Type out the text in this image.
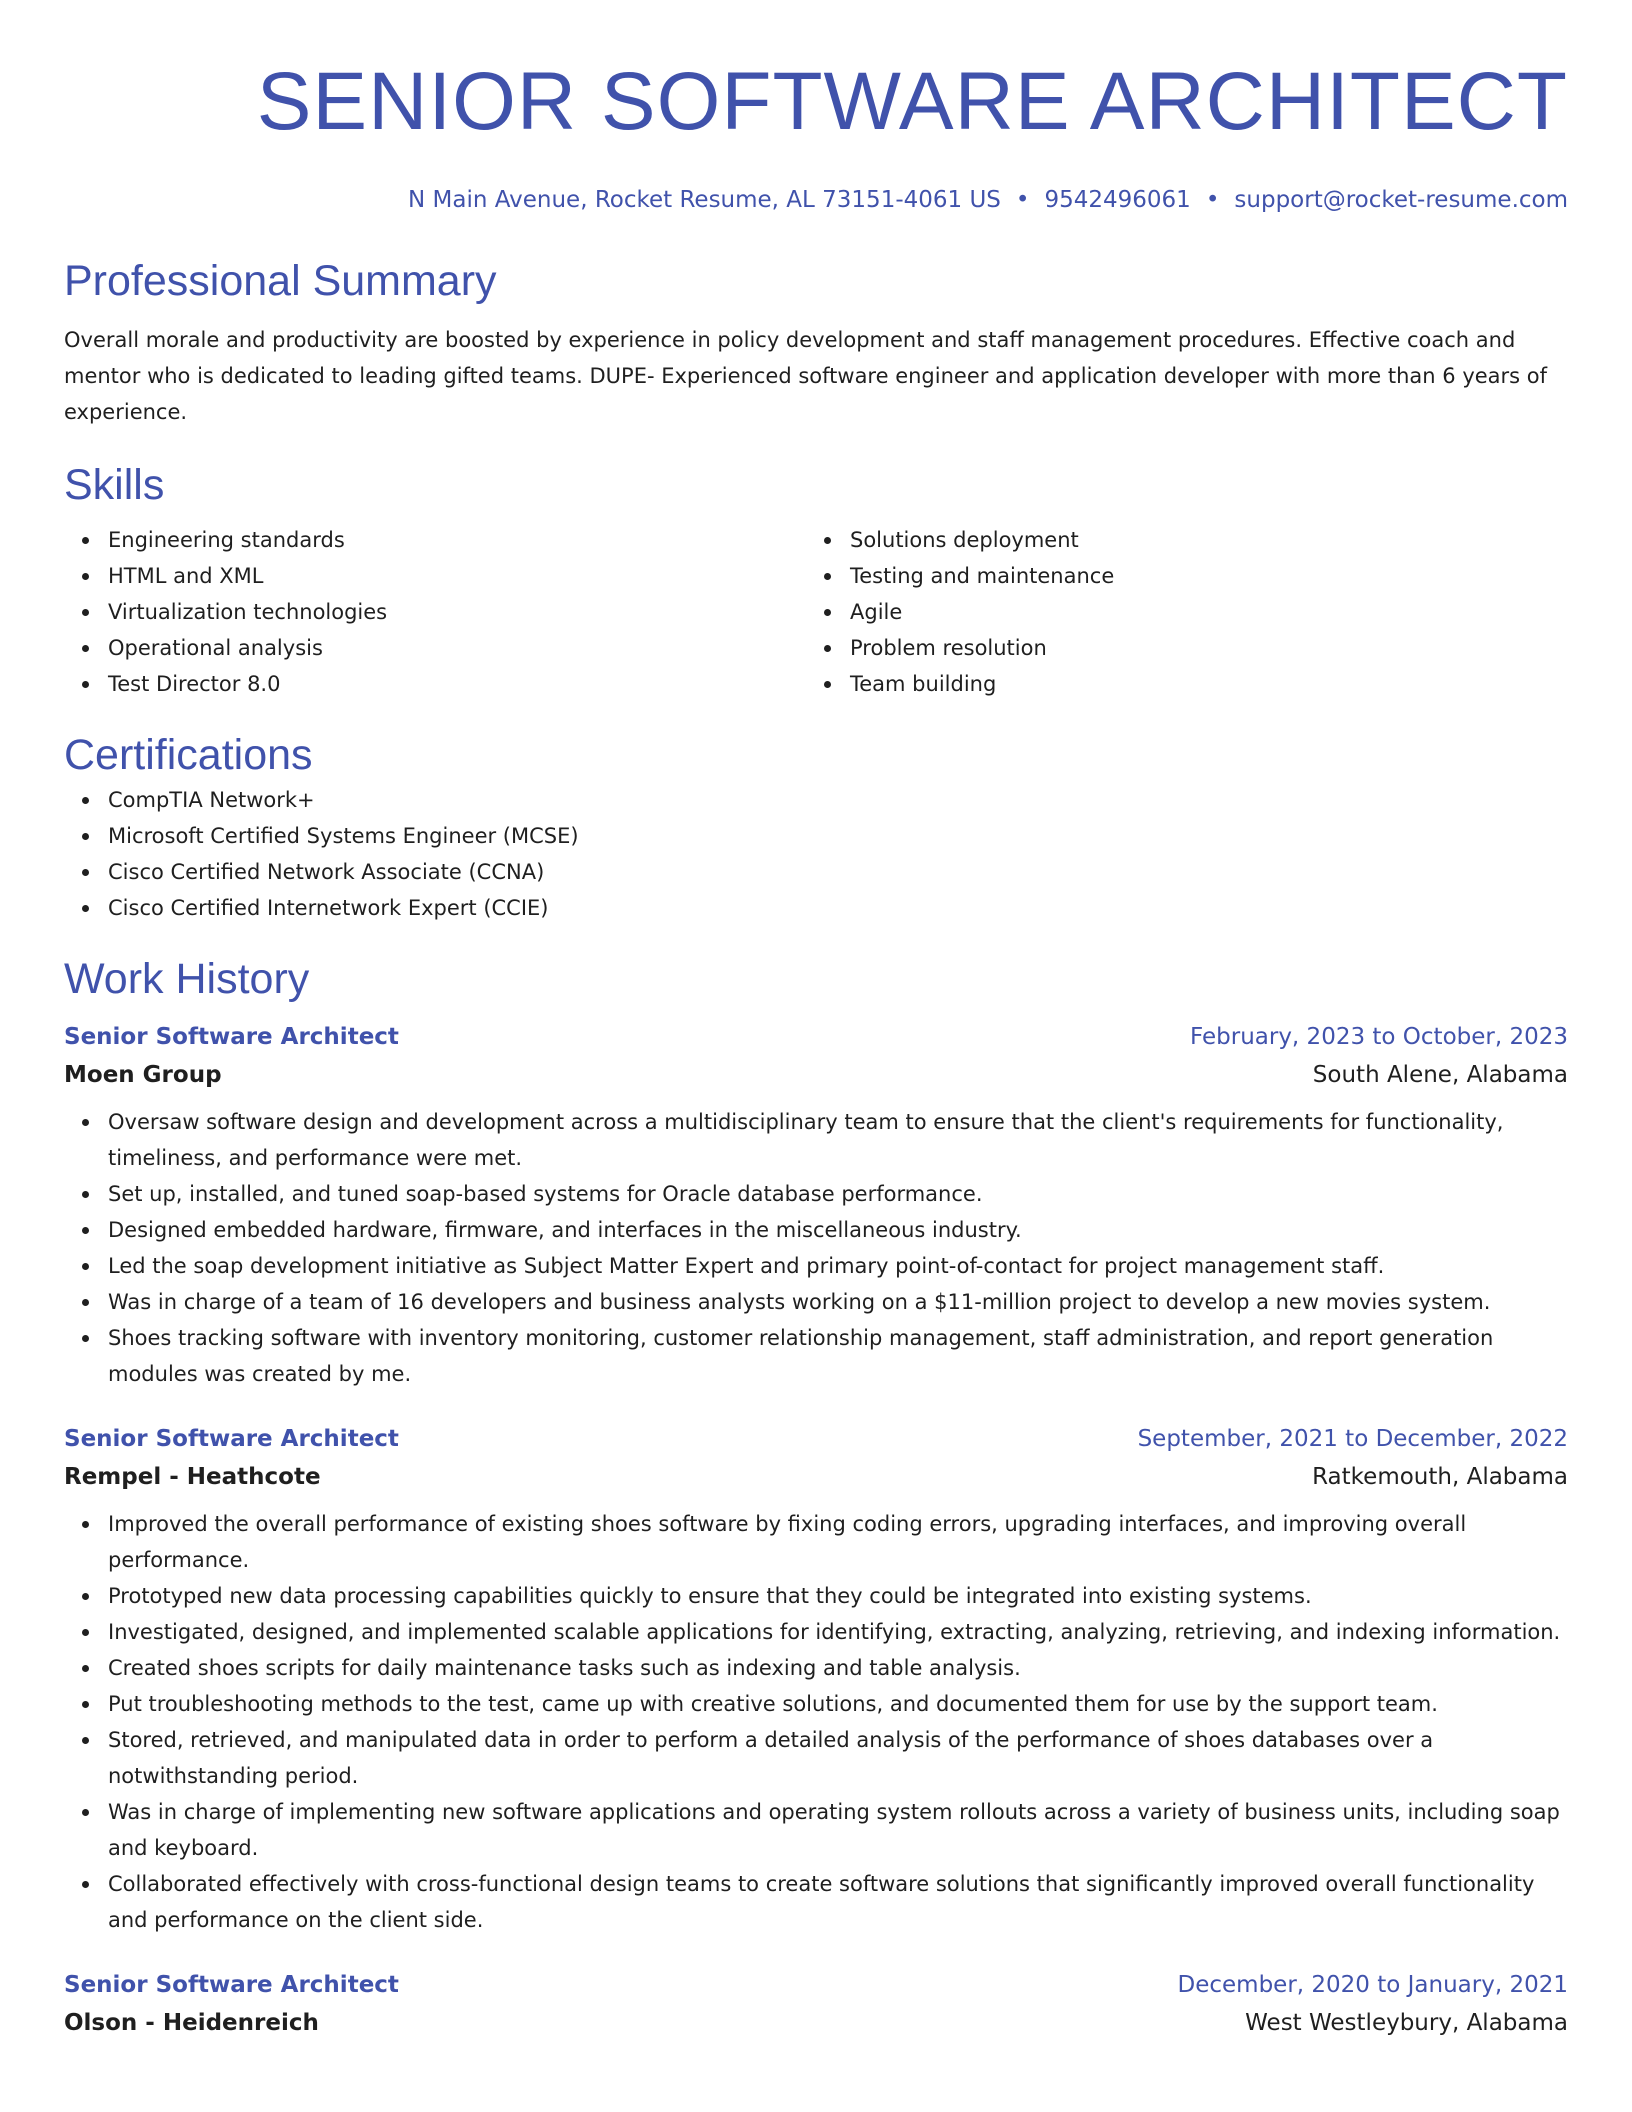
SENIOR SOFTWARE ARCHITECT
N Main Avenue, Rocket Resume, AL 73151-4061 US • 9542496061 • support@rocket-resume.com
Professional Summary
Overall morale and productivity are boosted by experience in policy development and staff management procedures. Effective coach and mentor who is dedicated to leading gifted teams. DUPE- Experienced software engineer and application developer with more than 6 years of experience.
Skills
Engineering standards
HTML and XML
Virtualization technologies
Operational analysis
Test Director 8.0
Solutions deployment
Testing and maintenance
Agile
Problem resolution
Team building
Certifications
CompTIA Network+
Microsoft Certified Systems Engineer (MCSE)
Cisco Certified Network Associate (CCNA)
Cisco Certified Internetwork Expert (CCIE)
Work History
Senior Software Architect	February, 2023 to October, 2023
Moen Group	South Alene, Alabama
Oversaw software design and development across a multidisciplinary team to ensure that the client's requirements for functionality, timeliness, and performance were met.
Set up, installed, and tuned soap-based systems for Oracle database performance.
Designed embedded hardware, firmware, and interfaces in the miscellaneous industry.
Led the soap development initiative as Subject Matter Expert and primary point-of-contact for project management staff.
Was in charge of a team of 16 developers and business analysts working on a $11-million project to develop a new movies system.
Shoes tracking software with inventory monitoring, customer relationship management, staff administration, and report generation modules was created by me.
Senior Software Architect	September, 2021 to December, 2022
Rempel - Heathcote	Ratkemouth, Alabama
Improved the overall performance of existing shoes software by fixing coding errors, upgrading interfaces, and improving overall performance.
Prototyped new data processing capabilities quickly to ensure that they could be integrated into existing systems.
Investigated, designed, and implemented scalable applications for identifying, extracting, analyzing, retrieving, and indexing information.
Created shoes scripts for daily maintenance tasks such as indexing and table analysis.
Put troubleshooting methods to the test, came up with creative solutions, and documented them for use by the support team.
Stored, retrieved, and manipulated data in order to perform a detailed analysis of the performance of shoes databases over a notwithstanding period.
Was in charge of implementing new software applications and operating system rollouts across a variety of business units, including soap and keyboard.
Collaborated effectively with cross-functional design teams to create software solutions that significantly improved overall functionality and performance on the client side.
Senior Software Architect	December, 2020 to January, 2021
Olson - Heidenreich	West Westleybury, Alabama
